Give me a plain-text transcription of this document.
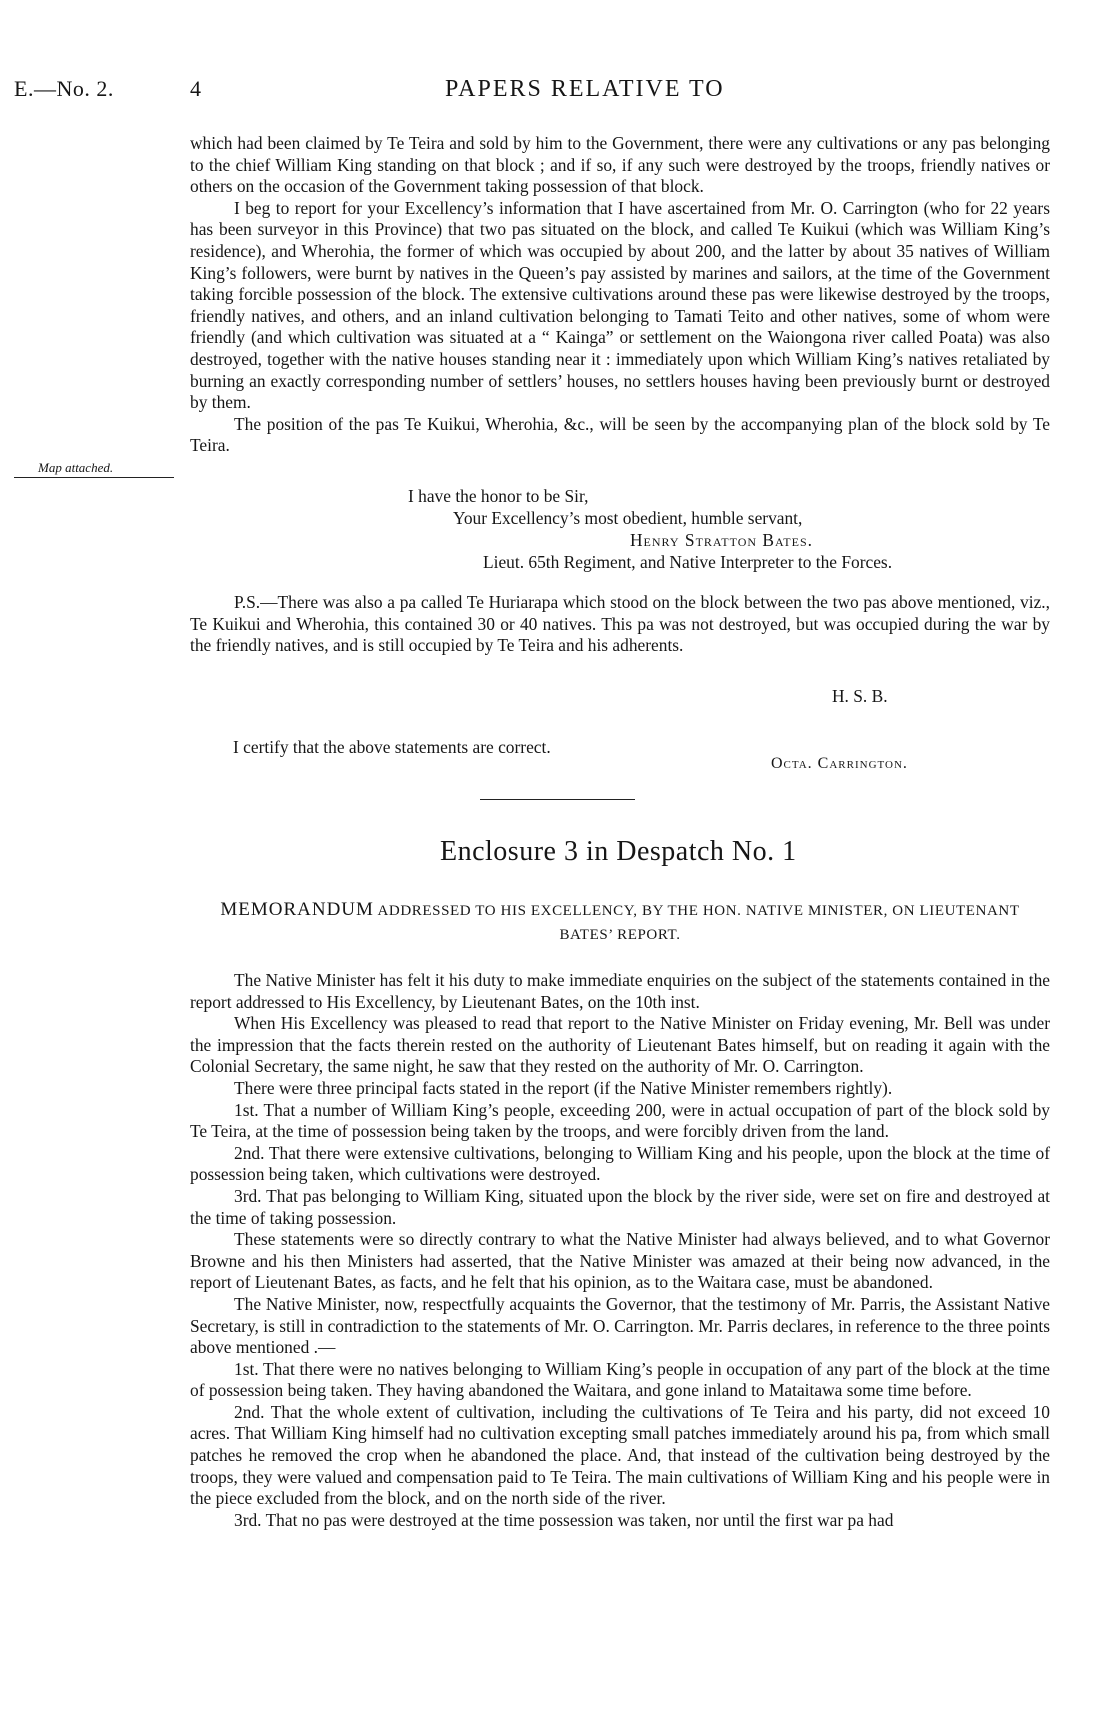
E.—No. 2.	4	PAPERS RELATIVE TO

which had been claimed by Te Teira and sold by him to the Government, there were any cultivations or any pas belonging to the chief William King standing on that block ; and if so, if any such were destroyed by the troops, friendly natives or others on the occasion of the Government taking possession of that block.

I beg to report for your Excellency’s information that I have ascertained from Mr. O. Carrington (who for 22 years has been surveyor in this Province) that two pas situated on the block, and called Te Kuikui (which was William King’s residence), and Wherohia, the former of which was occupied by about 200, and the latter by about 35 natives of William King’s followers, were burnt by natives in the Queen’s pay assisted by marines and sailors, at the time of the Government taking forcible possession of the block. The extensive cultivations around these pas were likewise destroyed by the troops, friendly natives, and others, and an inland cultivation belonging to Tamati Teito and other natives, some of whom were friendly (and which cultivation was situated at a “ Kainga” or settlement on the Waiongona river called Poata) was also destroyed, together with the native houses standing near it : immediately upon which William King’s natives retaliated by burning an exactly corresponding number of settlers’ houses, no settlers houses having been previously burnt or destroyed by them.

The position of the pas Te Kuikui, Wherohia, &c., will be seen by the accompanying plan of the block sold by Te Teira.

Map attached.
I have the honor to be Sir,
Your Excellency’s most obedient, humble servant,
Henry Stratton Bates.
Lieut. 65th Regiment, and Native Interpreter to the Forces.

P.S.—There was also a pa called Te Huriarapa which stood on the block between the two pas above mentioned, viz., Te Kuikui and Wherohia, this contained 30 or 40 natives. This pa was not destroyed, but was occupied during the war by the friendly natives, and is still occupied by Te Teira and his adherents.

H. S. B.
I certify that the above statements are correct.
Octa. Carrington.
Enclosure 3 in Despatch No. 1
MEMORANDUM ADDRESSED TO HIS EXCELLENCY, BY THE HON. NATIVE MINISTER, ON LIEUTENANT
BATES’ REPORT.

The Native Minister has felt it his duty to make immediate enquiries on the subject of the statements contained in the report addressed to His Excellency, by Lieutenant Bates, on the 10th inst.

When His Excellency was pleased to read that report to the Native Minister on Friday evening, Mr. Bell was under the impression that the facts therein rested on the authority of Lieutenant Bates himself, but on reading it again with the Colonial Secretary, the same night, he saw that they rested on the authority of Mr. O. Carrington.

There were three principal facts stated in the report (if the Native Minister remembers rightly).

1st. That a number of William King’s people, exceeding 200, were in actual occupation of part of the block sold by Te Teira, at the time of possession being taken by the troops, and were forcibly driven from the land.

2nd. That there were extensive cultivations, belonging to William King and his people, upon the block at the time of possession being taken, which cultivations were destroyed.

3rd. That pas belonging to William King, situated upon the block by the river side, were set on fire and destroyed at the time of taking possession.

These statements were so directly contrary to what the Native Minister had always believed, and to what Governor Browne and his then Ministers had asserted, that the Native Minister was amazed at their being now advanced, in the report of Lieutenant Bates, as facts, and he felt that his opinion, as to the Waitara case, must be abandoned.

The Native Minister, now, respectfully acquaints the Governor, that the testimony of Mr. Parris, the Assistant Native Secretary, is still in contradiction to the statements of Mr. O. Carrington. Mr. Parris declares, in reference to the three points above mentioned .—

1st. That there were no natives belonging to William King’s people in occupation of any part of the block at the time of possession being taken. They having abandoned the Waitara, and gone inland to Mataitawa some time before.

2nd. That the whole extent of cultivation, including the cultivations of Te Teira and his party, did not exceed 10 acres. That William King himself had no cultivation excepting small patches immediately around his pa, from which small patches he removed the crop when he abandoned the place. And, that instead of the cultivation being destroyed by the troops, they were valued and compensation paid to Te Teira. The main cultivations of William King and his people were in the piece excluded from the block, and on the north side of the river.

3rd. That no pas were destroyed at the time possession was taken, nor until the first war pa had
